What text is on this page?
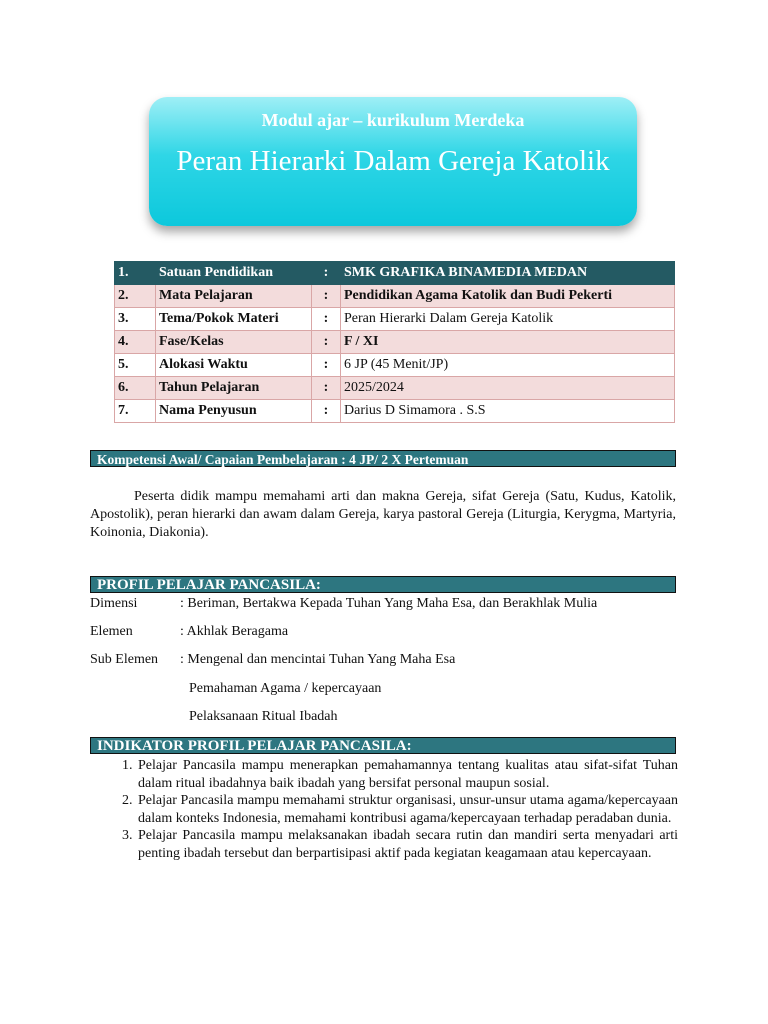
Modul ajar – kurikulum Merdeka
Peran Hierarki Dalam Gereja Katolik
1.	Satuan Pendidikan	:	SMK GRAFIKA BINAMEDIA MEDAN
2.	Mata Pelajaran	:	Pendidikan Agama Katolik dan Budi Pekerti
3.	Tema/Pokok Materi	:	Peran Hierarki Dalam Gereja Katolik
4.	Fase/Kelas	:	F / XI
5.	Alokasi Waktu	:	6 JP (45 Menit/JP)
6.	Tahun Pelajaran	:	2025/2024
7.	Nama Penyusun	:	Darius D Simamora . S.S
Kompetensi Awal/ Capaian Pembelajaran : 4 JP/ 2 X Pertemuan
Peserta didik mampu memahami arti dan makna Gereja, sifat Gereja (Satu, Kudus, Katolik, Apostolik), peran hierarki dan awam dalam Gereja, karya pastoral Gereja (Liturgia, Kerygma, Martyria, Koinonia, Diakonia).
PROFIL PELAJAR PANCASILA:
Dimensi	: Beriman, Bertakwa Kepada Tuhan Yang Maha Esa, dan Berakhlak Mulia
Elemen	: Akhlak Beragama
Sub Elemen : Mengenal dan mencintai Tuhan Yang Maha Esa
Pemahaman Agama / kepercayaan
Pelaksanaan Ritual Ibadah
INDIKATOR PROFIL PELAJAR PANCASILA:
1. Pelajar Pancasila mampu menerapkan pemahamannya tentang kualitas atau sifat-sifat Tuhan dalam ritual ibadahnya baik ibadah yang bersifat personal maupun sosial.
2. Pelajar Pancasila mampu memahami struktur organisasi, unsur-unsur utama agama/kepercayaan dalam konteks Indonesia, memahami kontribusi agama/kepercayaan terhadap peradaban dunia.
3. Pelajar Pancasila mampu melaksanakan ibadah secara rutin dan mandiri serta menyadari arti penting ibadah tersebut dan berpartisipasi aktif pada kegiatan keagamaan atau kepercayaan.
